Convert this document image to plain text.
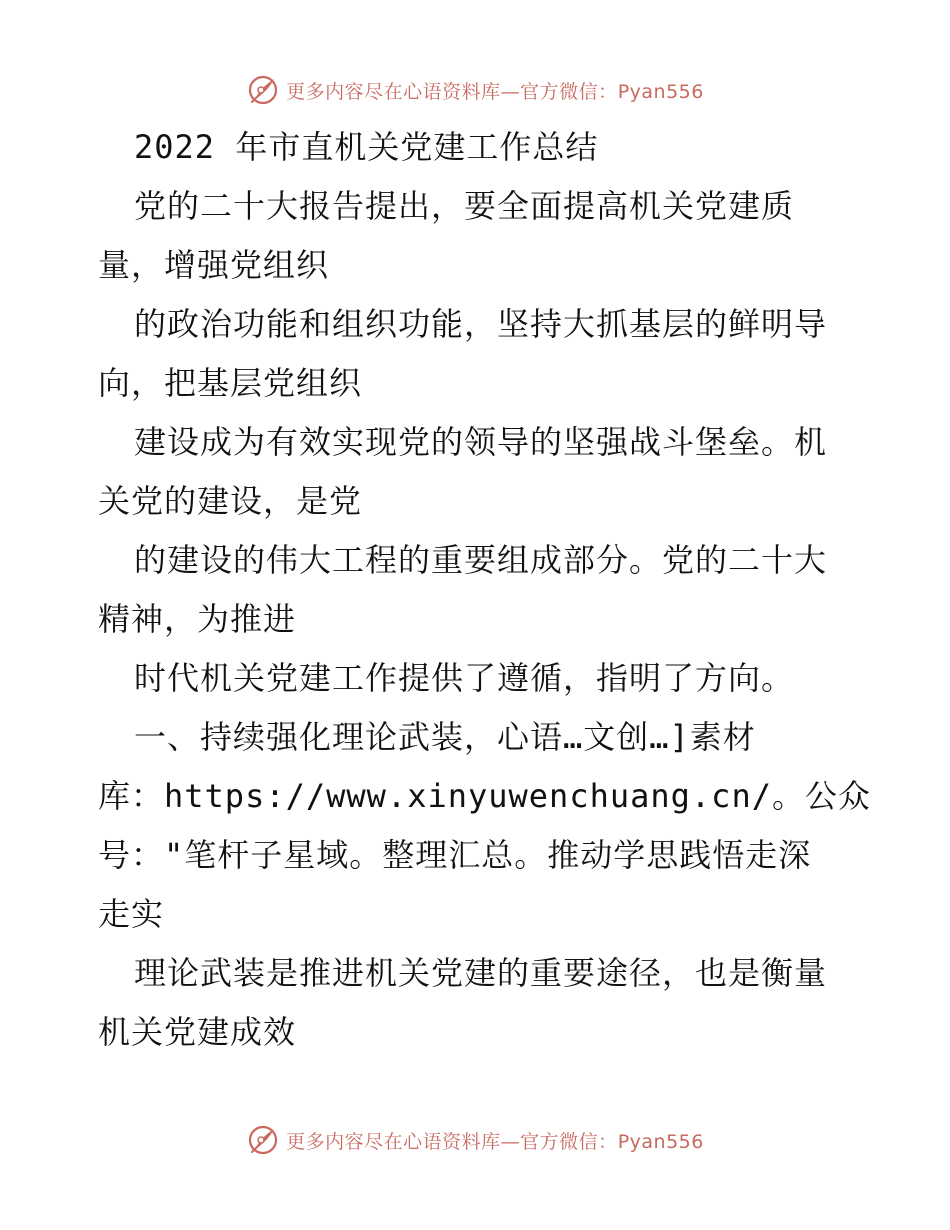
更多内容尽在心语资料库—官方微信：Pyan556
2022 年市直机关党建工作总结
党的二十大报告提出，要全面提高机关党建质
量，增强党组织
的政治功能和组织功能，坚持大抓基层的鲜明导
向，把基层党组织
建设成为有效实现党的领导的坚强战斗堡垒。机
关党的建设，是党
的建设的伟大工程的重要组成部分。党的二十大
精神，为推进
时代机关党建工作提供了遵循，指明了方向。
一、持续强化理论武装，心语…文创…]素材
库：https://www.xinyuwenchuang.cn/。公众
号："笔杆子星域。整理汇总。推动学思践悟走深
走实
理论武装是推进机关党建的重要途径，也是衡量
机关党建成效
更多内容尽在心语资料库—官方微信：Pyan556
